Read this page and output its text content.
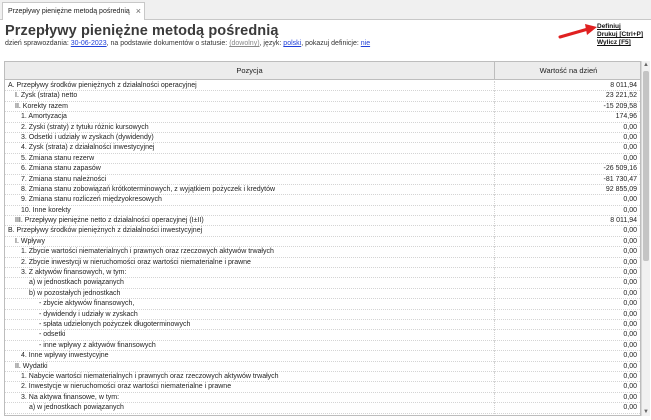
Przepływy pieniężne metodą pośrednią ×
Przepływy pieniężne metodą pośrednią
dzień sprawozdania: 30-06-2023, na podstawie dokumentów o statusie: (dowolny), język: polski, pokazuj definicje: nie
Definiuj
Drukuj [Ctrl+P]
Wylicz [F5]
Pozycja	Wartość na dzień
A. Przepływy środków pieniężnych z działalności operacyjnej	8 011,94
I. Zysk (strata) netto	23 221,52
II. Korekty razem	-15 209,58
1. Amortyzacja	174,96
2. Zyski (straty) z tytułu różnic kursowych	0,00
3. Odsetki i udziały w zyskach (dywidendy)	0,00
4. Zysk (strata) z działalności inwestycyjnej	0,00
5. Zmiana stanu rezerw	0,00
6. Zmiana stanu zapasów	-26 509,16
7. Zmiana stanu należności	-81 730,47
8. Zmiana stanu zobowiązań krótkoterminowych, z wyjątkiem pożyczek i kredytów	92 855,09
9. Zmiana stanu rozliczeń międzyokresowych	0,00
10. Inne korekty	0,00
III. Przepływy pieniężne netto z działalności operacyjnej (I±II)	8 011,94
B. Przepływy środków pieniężnych z działalności inwestycyjnej	0,00
I. Wpływy	0,00
1. Zbycie wartości niematerialnych i prawnych oraz rzeczowych aktywów trwałych	0,00
2. Zbycie inwestycji w nieruchomości oraz wartości niematerialne i prawne	0,00
3. Z aktywów finansowych, w tym:	0,00
a) w jednostkach powiązanych	0,00
b) w pozostałych jednostkach	0,00
- zbycie aktywów finansowych,	0,00
- dywidendy i udziały w zyskach	0,00
- spłata udzielonych pożyczek długoterminowych	0,00
- odsetki	0,00
- inne wpływy z aktywów finansowych	0,00
4. Inne wpływy inwestycyjne	0,00
II. Wydatki	0,00
1. Nabycie wartości niematerialnych i prawnych oraz rzeczowych aktywów trwałych	0,00
2. Inwestycje w nieruchomości oraz wartości niematerialne i prawne	0,00
3. Na aktywa finansowe, w tym:	0,00
a) w jednostkach powiązanych	0,00
▲
▼
